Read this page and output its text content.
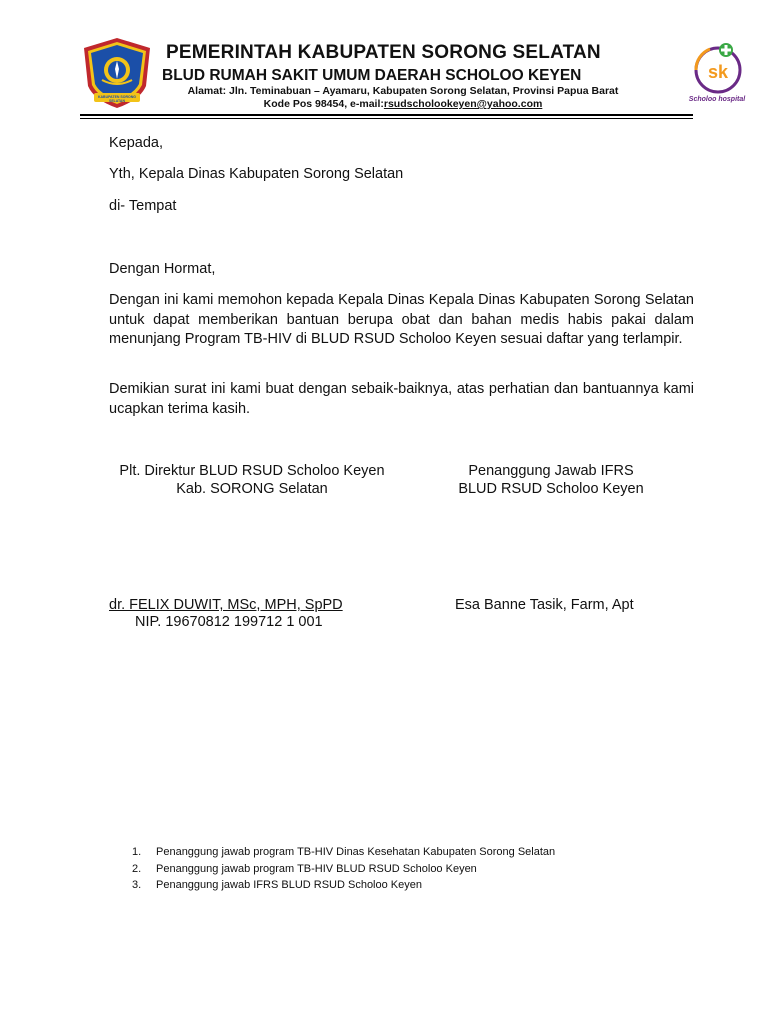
KABUPATEN SORONG SELATAN
sk
Scholoo hospital
PEMERINTAH KABUPATEN SORONG SELATAN
BLUD RUMAH SAKIT UMUM DAERAH SCHOLOO KEYEN
Alamat: Jln. Teminabuan – Ayamaru, Kabupaten Sorong Selatan, Provinsi Papua Barat
Kode Pos 98454, e-mail:rsudscholookeyen@yahoo.com
Kepada,
Yth, Kepala Dinas Kabupaten Sorong Selatan
di- Tempat
Dengan Hormat,
Dengan ini kami memohon kepada Kepala Dinas Kepala Dinas Kabupaten Sorong Selatan untuk dapat memberikan bantuan berupa obat dan bahan medis habis pakai dalam menunjang Program TB-HIV di BLUD RSUD Scholoo Keyen sesuai daftar yang terlampir.
Demikian surat ini kami buat dengan sebaik-baiknya, atas perhatian dan bantuannya kami ucapkan terima kasih.
Plt. Direktur BLUD RSUD Scholoo Keyen
Kab. SORONG Selatan
Penanggung Jawab IFRS
BLUD RSUD Scholoo Keyen
dr. FELIX DUWIT, MSc, MPH, SpPD
NIP. 19670812 199712 1 001
Esa Banne Tasik, Farm, Apt
1.	Penanggung jawab program TB-HIV Dinas Kesehatan Kabupaten Sorong Selatan
2.	Penanggung jawab program TB-HIV BLUD RSUD Scholoo Keyen
3.	Penanggung jawab IFRS BLUD RSUD Scholoo Keyen
